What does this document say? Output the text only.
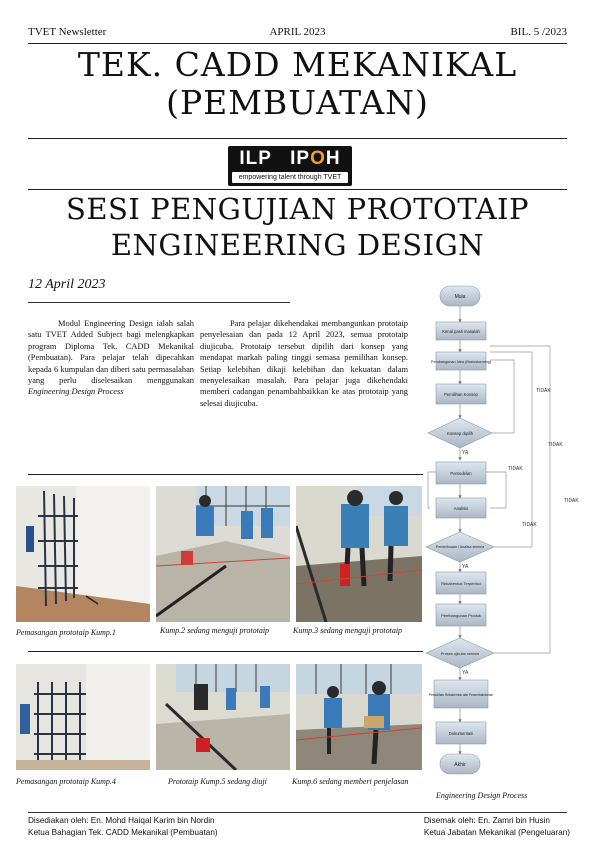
TVET Newsletter	APRIL 2023	BIL. 5 /2023
TEK. CADD MEKANIKAL
(PEMBUATAN)
ILP IPOH
empowering talent through TVET
SESI PENGUJIAN PROTOTAIP
ENGINEERING DESIGN
12 April 2023

Modul Engineering Design ialah salah satu TVET Added Subject bagi melengkapkan program Diploma Tek. CADD Mekanikal (Pembuatan). Para pelajar telah dipecahkan kepada 6 kumpulan dan diberi satu permasalahan yang perlu diselesaikan menggunakan Engineering Design Process

Para pelajar dikehendakai membangunkan prototaip penyelesaian dan pada 12 April 2023, semua prototaip diujicuba. Prototaip tersebut dipilih dari konsep yang mendapat markah paling tinggi semasa pemilihan konsep. Setiap kelebihan dikaji kelebihan dan kekuatan dalam menyelesaikan masalah. Para pelajar juga dikehendaki memberi cadangan penambahbaikkan ke atas prototaip yang selesai diujicuba.

Pemasangan prototaip Kump.1	Kump.2 sedang menguji prototaip	Kump.3 sedang menguji prototaip
Pemasangan prototaip Kump.4	Prototaip Kump.5 sedang diuji	Kump.6 sedang memberi penjelasan
TIDAK
TIDAK
TIDAK
TIDAK
TIDAK
YA
YA
YA
Mula
Kenal pasti masalah
Pembangunan Idea (Brainstorming)
Pemilihan Konsep
Konsep dipilih
Pemodelan
Analisis
Pemeriksaan / Analisa semula
Rekabentuk Terperinci
Pembangunan Produk
Proses ujicuba semula
Pemutihan Rekabentuk dan Pesembahdahan
Dokumentasi
Akhir
Engineering Design Process
Disediakan oleh: En. Mohd Haiqal Karim bin Nordin
Ketua Bahagian Tek. CADD Mekanikal (Pembuatan)
Disemak oleh: En. Zamri bin Husin
Ketua Jabatan Mekanikal (Pengeluaran)
